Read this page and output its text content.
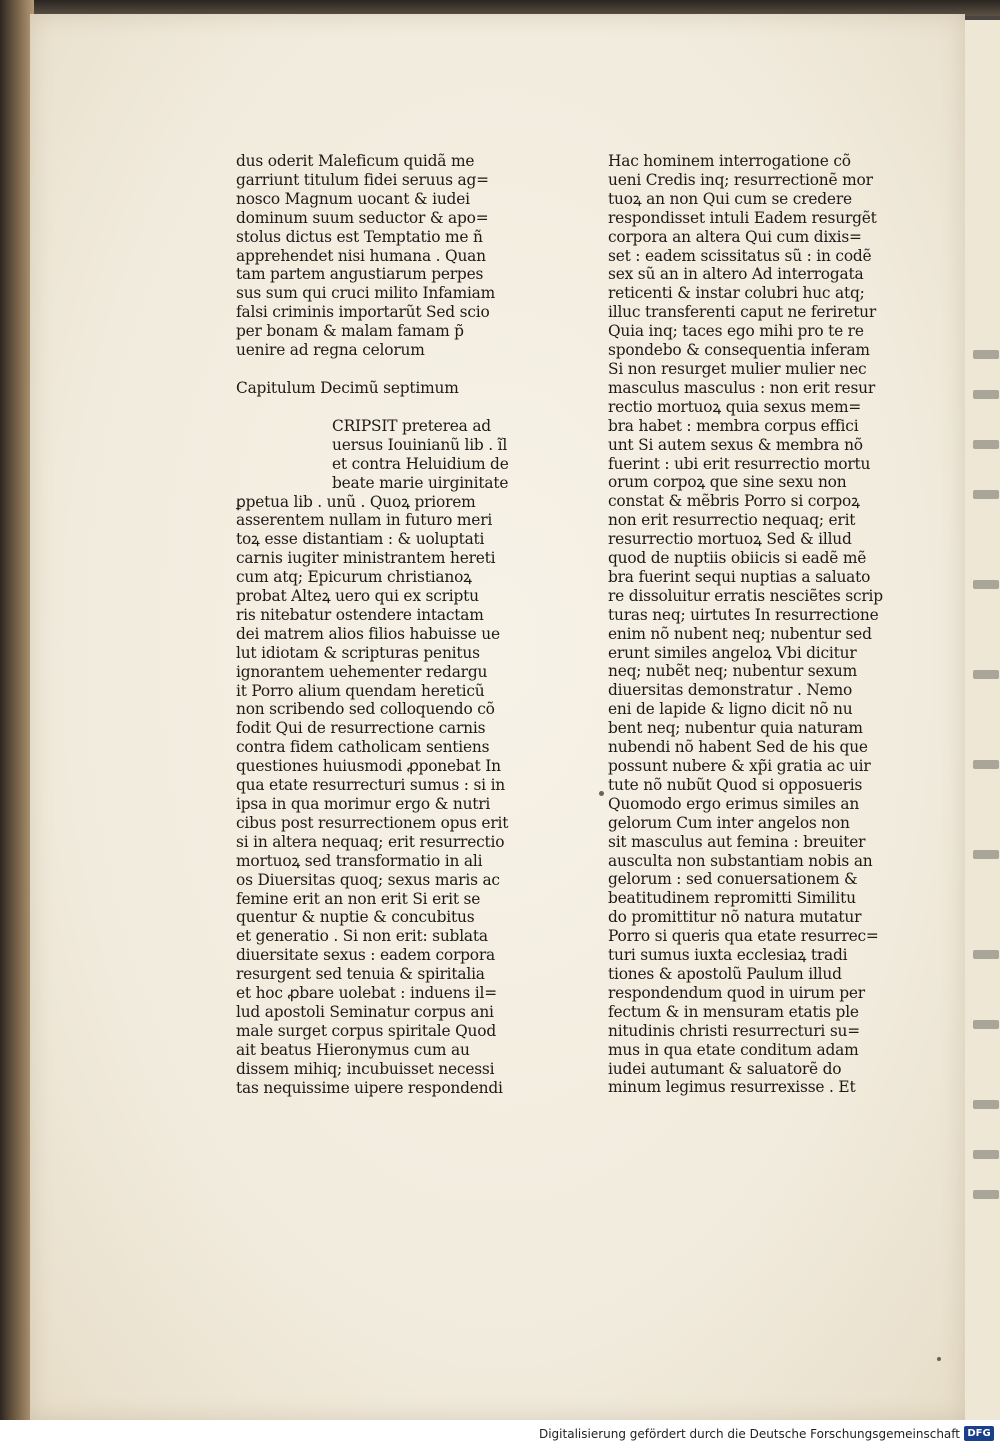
dus oderit Maleficum quidã me

garriunt titulum fidei seruus ag=

nosco Magnum uocant & iudei

dominum suum seductor & apo=

stolus dictus est Temptatio me ñ

apprehendet nisi humana . Quan

tam partem angustiarum perpes

sus sum qui cruci milito Infamiam

falsi criminis importarũt Sed scio

per bonam & malam famam p̃

uenire ad regna celorum

Capitulum Decimũ septimum

CRIPSIT preterea ad

uersus Iouinianũ lib . ĩl

et contra Heluidium de

beate marie uirginitate

ꝑpetua lib . unũ . Quoꝝ priorem

asserentem nullam in futuro meri

toꝝ esse distantiam : & uoluptati

carnis iugiter ministrantem hereti

cum atq; Epicurum christianoꝝ

probat Alteꝝ uero qui ex scriptu

ris nitebatur ostendere intactam

dei matrem alios filios habuisse ue

lut idiotam & scripturas penitus

ignorantem uehementer redargu

it Porro alium quendam hereticũ

non scribendo sed colloquendo cõ

fodit Qui de resurrectione carnis

contra fidem catholicam sentiens

questiones huiusmodi ꝓponebat In

qua etate resurrecturi sumus : si in

ipsa in qua morimur ergo & nutri

cibus post resurrectionem opus erit

si in altera nequaq; erit resurrectio

mortuoꝝ sed transformatio in ali

os Diuersitas quoq; sexus maris ac

femine erit an non erit Si erit se

quentur & nuptie & concubitus

et generatio . Si non erit: sublata

diuersitate sexus : eadem corpora

resurgent sed tenuia & spiritalia

et hoc ꝓbare uolebat : induens il=

lud apostoli Seminatur corpus ani

male surget corpus spiritale Quod

ait beatus Hieronymus cum au

dissem mihiq; incubuisset necessi

tas nequissime uipere respondendi

Hac hominem interrogatione cõ

ueni Credis inq; resurrectionẽ mor

tuoꝝ an non Qui cum se credere

respondisset intuli Eadem resurgẽt

corpora an altera Qui cum dixis=

set : eadem scissitatus sũ : in codẽ

sex sũ an in altero Ad interrogata

reticenti & instar colubri huc atq;

illuc transferenti caput ne feriretur

Quia inq; taces ego mihi pro te re

spondebo & consequentia inferam

Si non resurget mulier mulier nec

masculus masculus : non erit resur

rectio mortuoꝝ quia sexus mem=

bra habet : membra corpus effici

unt Si autem sexus & membra nõ

fuerint : ubi erit resurrectio mortu

orum corpoꝝ que sine sexu non

constat & mẽbris Porro si corpoꝝ

non erit resurrectio nequaq; erit

resurrectio mortuoꝝ Sed & illud

quod de nuptiis obiicis si eadẽ mẽ

bra fuerint sequi nuptias a saluato

re dissoluitur erratis nesciẽtes scrip

turas neq; uirtutes In resurrectione

enim nõ nubent neq; nubentur sed

erunt similes angeloꝝ Vbi dicitur

neq; nubẽt neq; nubentur sexum

diuersitas demonstratur . Nemo

eni de lapide & ligno dicit nõ nu

bent neq; nubentur quia naturam

nubendi nõ habent Sed de his que

possunt nubere & xp̃i gratia ac uir

tute nõ nubũt Quod si opposueris

Quomodo ergo erimus similes an

gelorum Cum inter angelos non

sit masculus aut femina : breuiter

ausculta non substantiam nobis an

gelorum : sed conuersationem &

beatitudinem repromitti Similitu

do promittitur nõ natura mutatur

Porro si queris qua etate resurrec=

turi sumus iuxta ecclesiaꝝ tradi

tiones & apostolũ Paulum illud

respondendum quod in uirum per

fectum & in mensuram etatis ple

nitudinis christi resurrecturi su=

mus in qua etate conditum adam

iudei autumant & saluatorẽ do

minum legimus resurrexisse . Et

Digitalisierung gefördert durch die Deutsche Forschungsgemeinschaft DFG
